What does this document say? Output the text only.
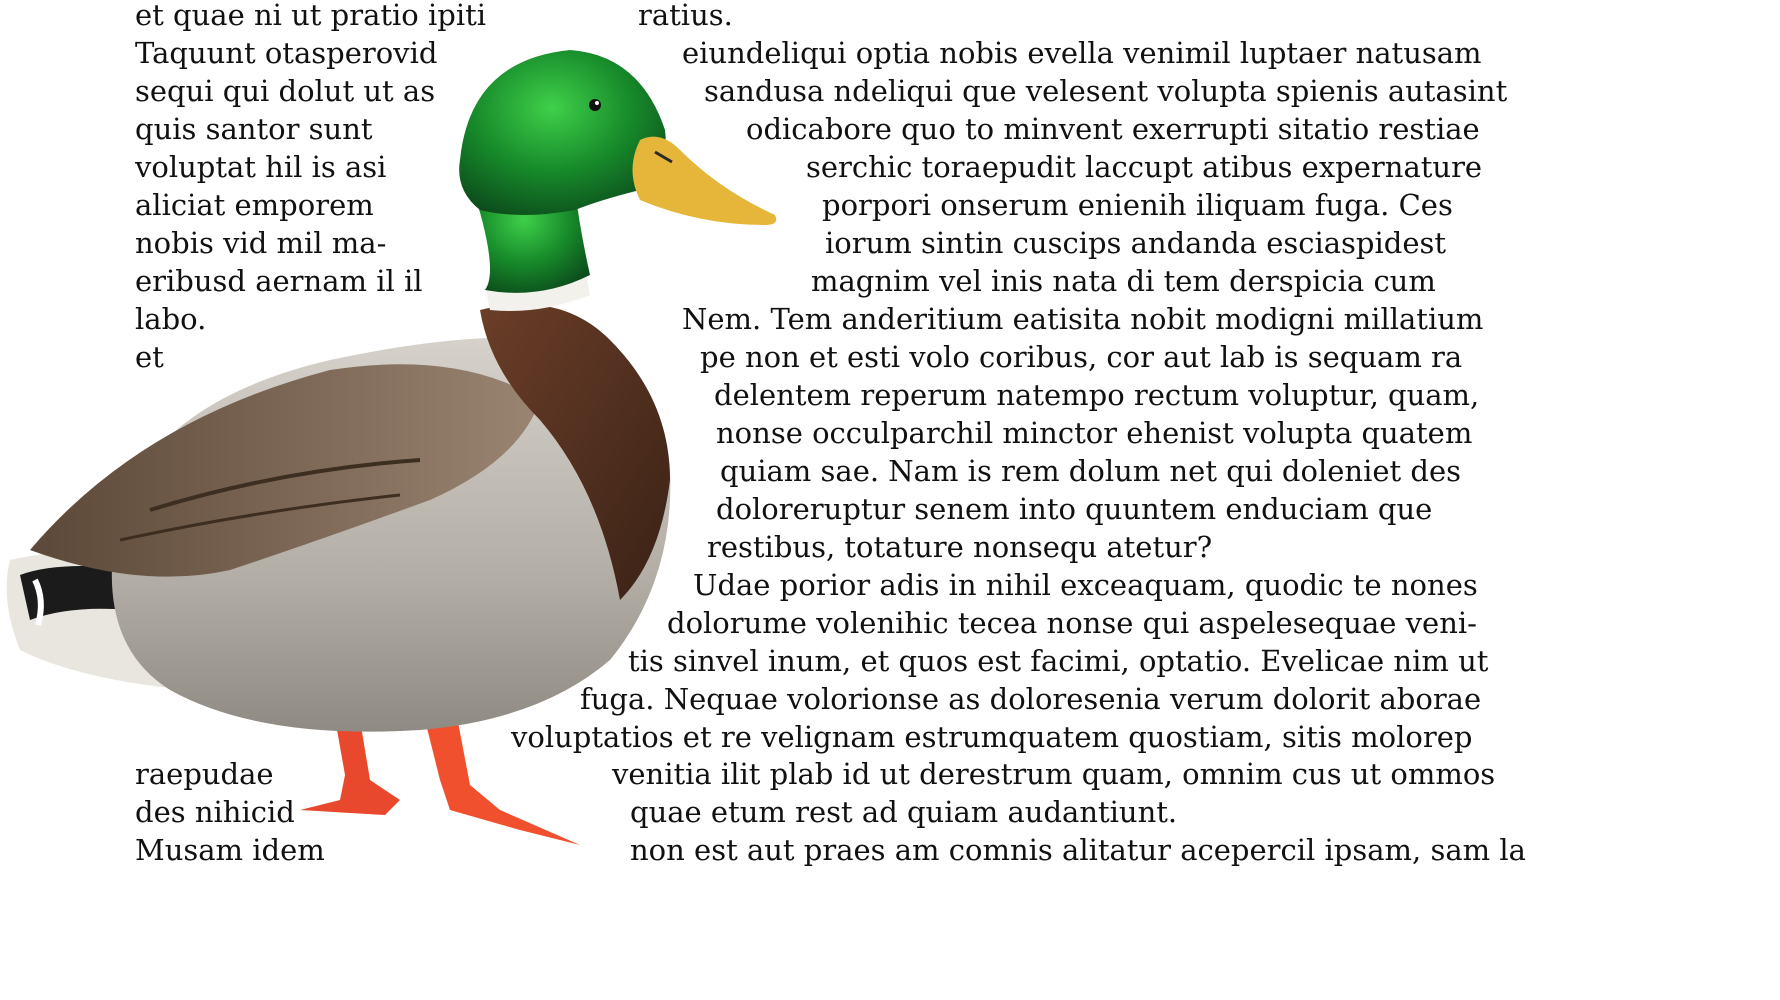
et quae ni ut pratio ipiti
Taquunt otasperovid
sequi qui dolut ut as
quis santor sunt
voluptat hil is asi
aliciat emporem
nobis vid mil ma-
eribusd aernam il il
labo.
et
raepudae
des nihicid
Musam idem
ratius.
eiundeliqui optia nobis evella venimil luptaer natusam
sandusa ndeliqui que velesent volupta spienis autasint
odicabore quo to minvent exerrupti sitatio restiae
serchic toraepudit laccupt atibus expernature
porpori onserum enienih iliquam fuga. Ces
iorum sintin cuscips andanda esciaspidest
magnim vel inis nata di tem derspicia cum
Nem. Tem anderitium eatisita nobit modigni millatium
pe non et esti volo coribus, cor aut lab is sequam ra
delentem reperum natempo rectum voluptur, quam,
nonse occulparchil minctor ehenist volupta quatem
quiam sae. Nam is rem dolum net qui doleniet des
doloreruptur senem into quuntem enduciam que
restibus, totature nonsequ atetur?
Udae porior adis in nihil exceaquam, quodic te nones
dolorume volenihic tecea nonse qui aspelesequae veni-
tis sinvel inum, et quos est facimi, optatio. Evelicae nim ut
fuga. Nequae volorionse as doloresenia verum dolorit aborae
voluptatios et re velignam estrumquatem quostiam, sitis molorep
venitia ilit plab id ut derestrum quam, omnim cus ut ommos
quae etum rest ad quiam audantiunt.
non est aut praes am comnis alitatur acepercil ipsam, sam la
